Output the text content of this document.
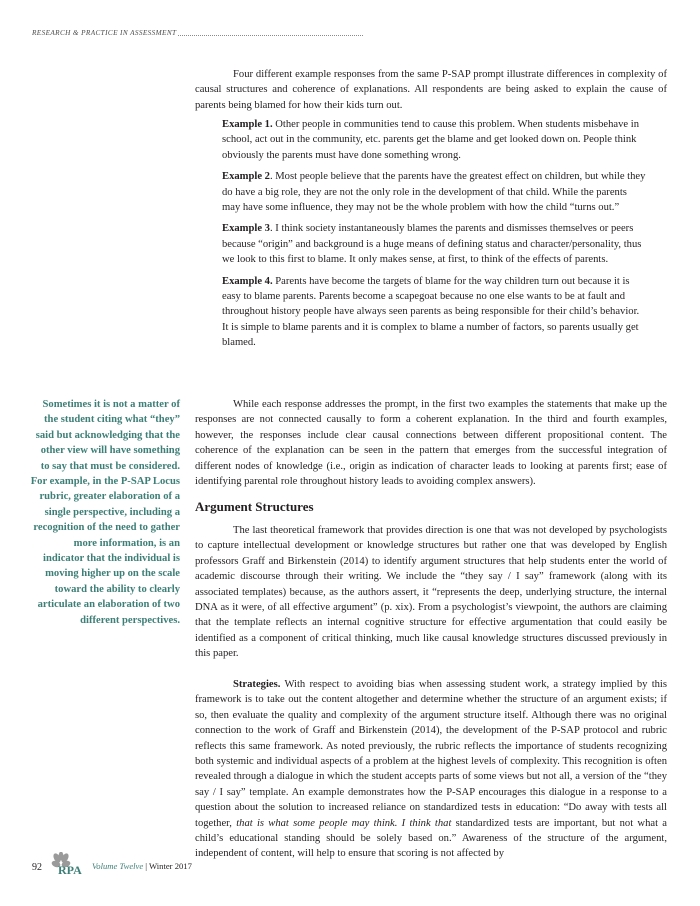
RESEARCH & PRACTICE IN ASSESSMENT

Four different example responses from the same P-SAP prompt illustrate differences in complexity of causal structures and coherence of explanations. All respondents are being asked to explain the cause of parents being blamed for how their kids turn out.

Example 1. Other people in communities tend to cause this problem. When students misbehave in school, act out in the community, etc. parents get the blame and get looked down on. People think obviously the parents must have done something wrong.

Example 2. Most people believe that the parents have the greatest effect on children, but while they do have a big role, they are not the only role in the development of that child. While the parents may have some influence, they may not be the whole problem with how the child “turns out.”

Example 3. I think society instantaneously blames the parents and dismisses themselves or peers because “origin” and background is a huge means of defining status and character/personality, thus we look to this first to blame. It only makes sense, at first, to think of the effects of parents.

Example 4. Parents have become the targets of blame for the way children turn out because it is easy to blame parents. Parents become a scapegoat because no one else wants to be at fault and throughout history people have always seen parents as being responsible for their child’s behavior. It is simple to blame parents and it is complex to blame a number of factors, so parents usually get blamed.

While each response addresses the prompt, in the first two examples the statements that make up the responses are not connected causally to form a coherent explanation. In the third and fourth examples, however, the responses include clear causal connections between different propositional content. The coherence of the explanation can be seen in the pattern that emerges from the successful integration of different nodes of knowledge (i.e., origin as indication of character leads to looking at parents first; ease of identifying parental role throughout history leads to avoiding complex answers).

Argument Structures

The last theoretical framework that provides direction is one that was not developed by psychologists to capture intellectual development or knowledge structures but rather one that was developed by English professors Graff and Birkenstein (2014) to identify argument structures that help students enter the world of academic discourse through their writing. We include the “they say / I say” framework (along with its associated templates) because, as the authors assert, it “represents the deep, underlying structure, the internal DNA as it were, of all effective argument” (p. xix). From a psychologist’s viewpoint, the authors are claiming that the template reflects an internal cognitive structure for effective argumentation that could easily be identified as a component of critical thinking, much like causal knowledge structures discussed previously in this paper.

Strategies. With respect to avoiding bias when assessing student work, a strategy implied by this framework is to take out the content altogether and determine whether the structure of an argument exists; if so, then evaluate the quality and complexity of the argument structure itself. Although there was no original connection to the work of Graff and Birkenstein (2014), the development of the P-SAP protocol and rubric reflects this same framework. As noted previously, the rubric reflects the importance of students recognizing both systemic and individual aspects of a problem at the highest levels of complexity. This recognition is often revealed through a dialogue in which the student accepts parts of some views but not all, a version of the “they say / I say” template. An example demonstrates how the P-SAP encourages this dialogue in a response to a question about the solution to increased reliance on standardized tests in education: “Do away with tests all together, that is what some people may think. I think that standardized tests are important, but not what a child’s educational standing should be solely based on.” Awareness of the structure of the argument, independent of content, will help to ensure that scoring is not affected by

Sometimes it is not a matter of the student citing what “they” said but acknowledging that the other view will have something to say that must be considered. For example, in the P-SAP Locus rubric, greater elaboration of a single perspective, including a recognition of the need to gather more information, is an indicator that the individual is moving higher up on the scale toward the ability to clearly articulate an elaboration of two different perspectives.
92 RPA Volume Twelve | Winter 2017
